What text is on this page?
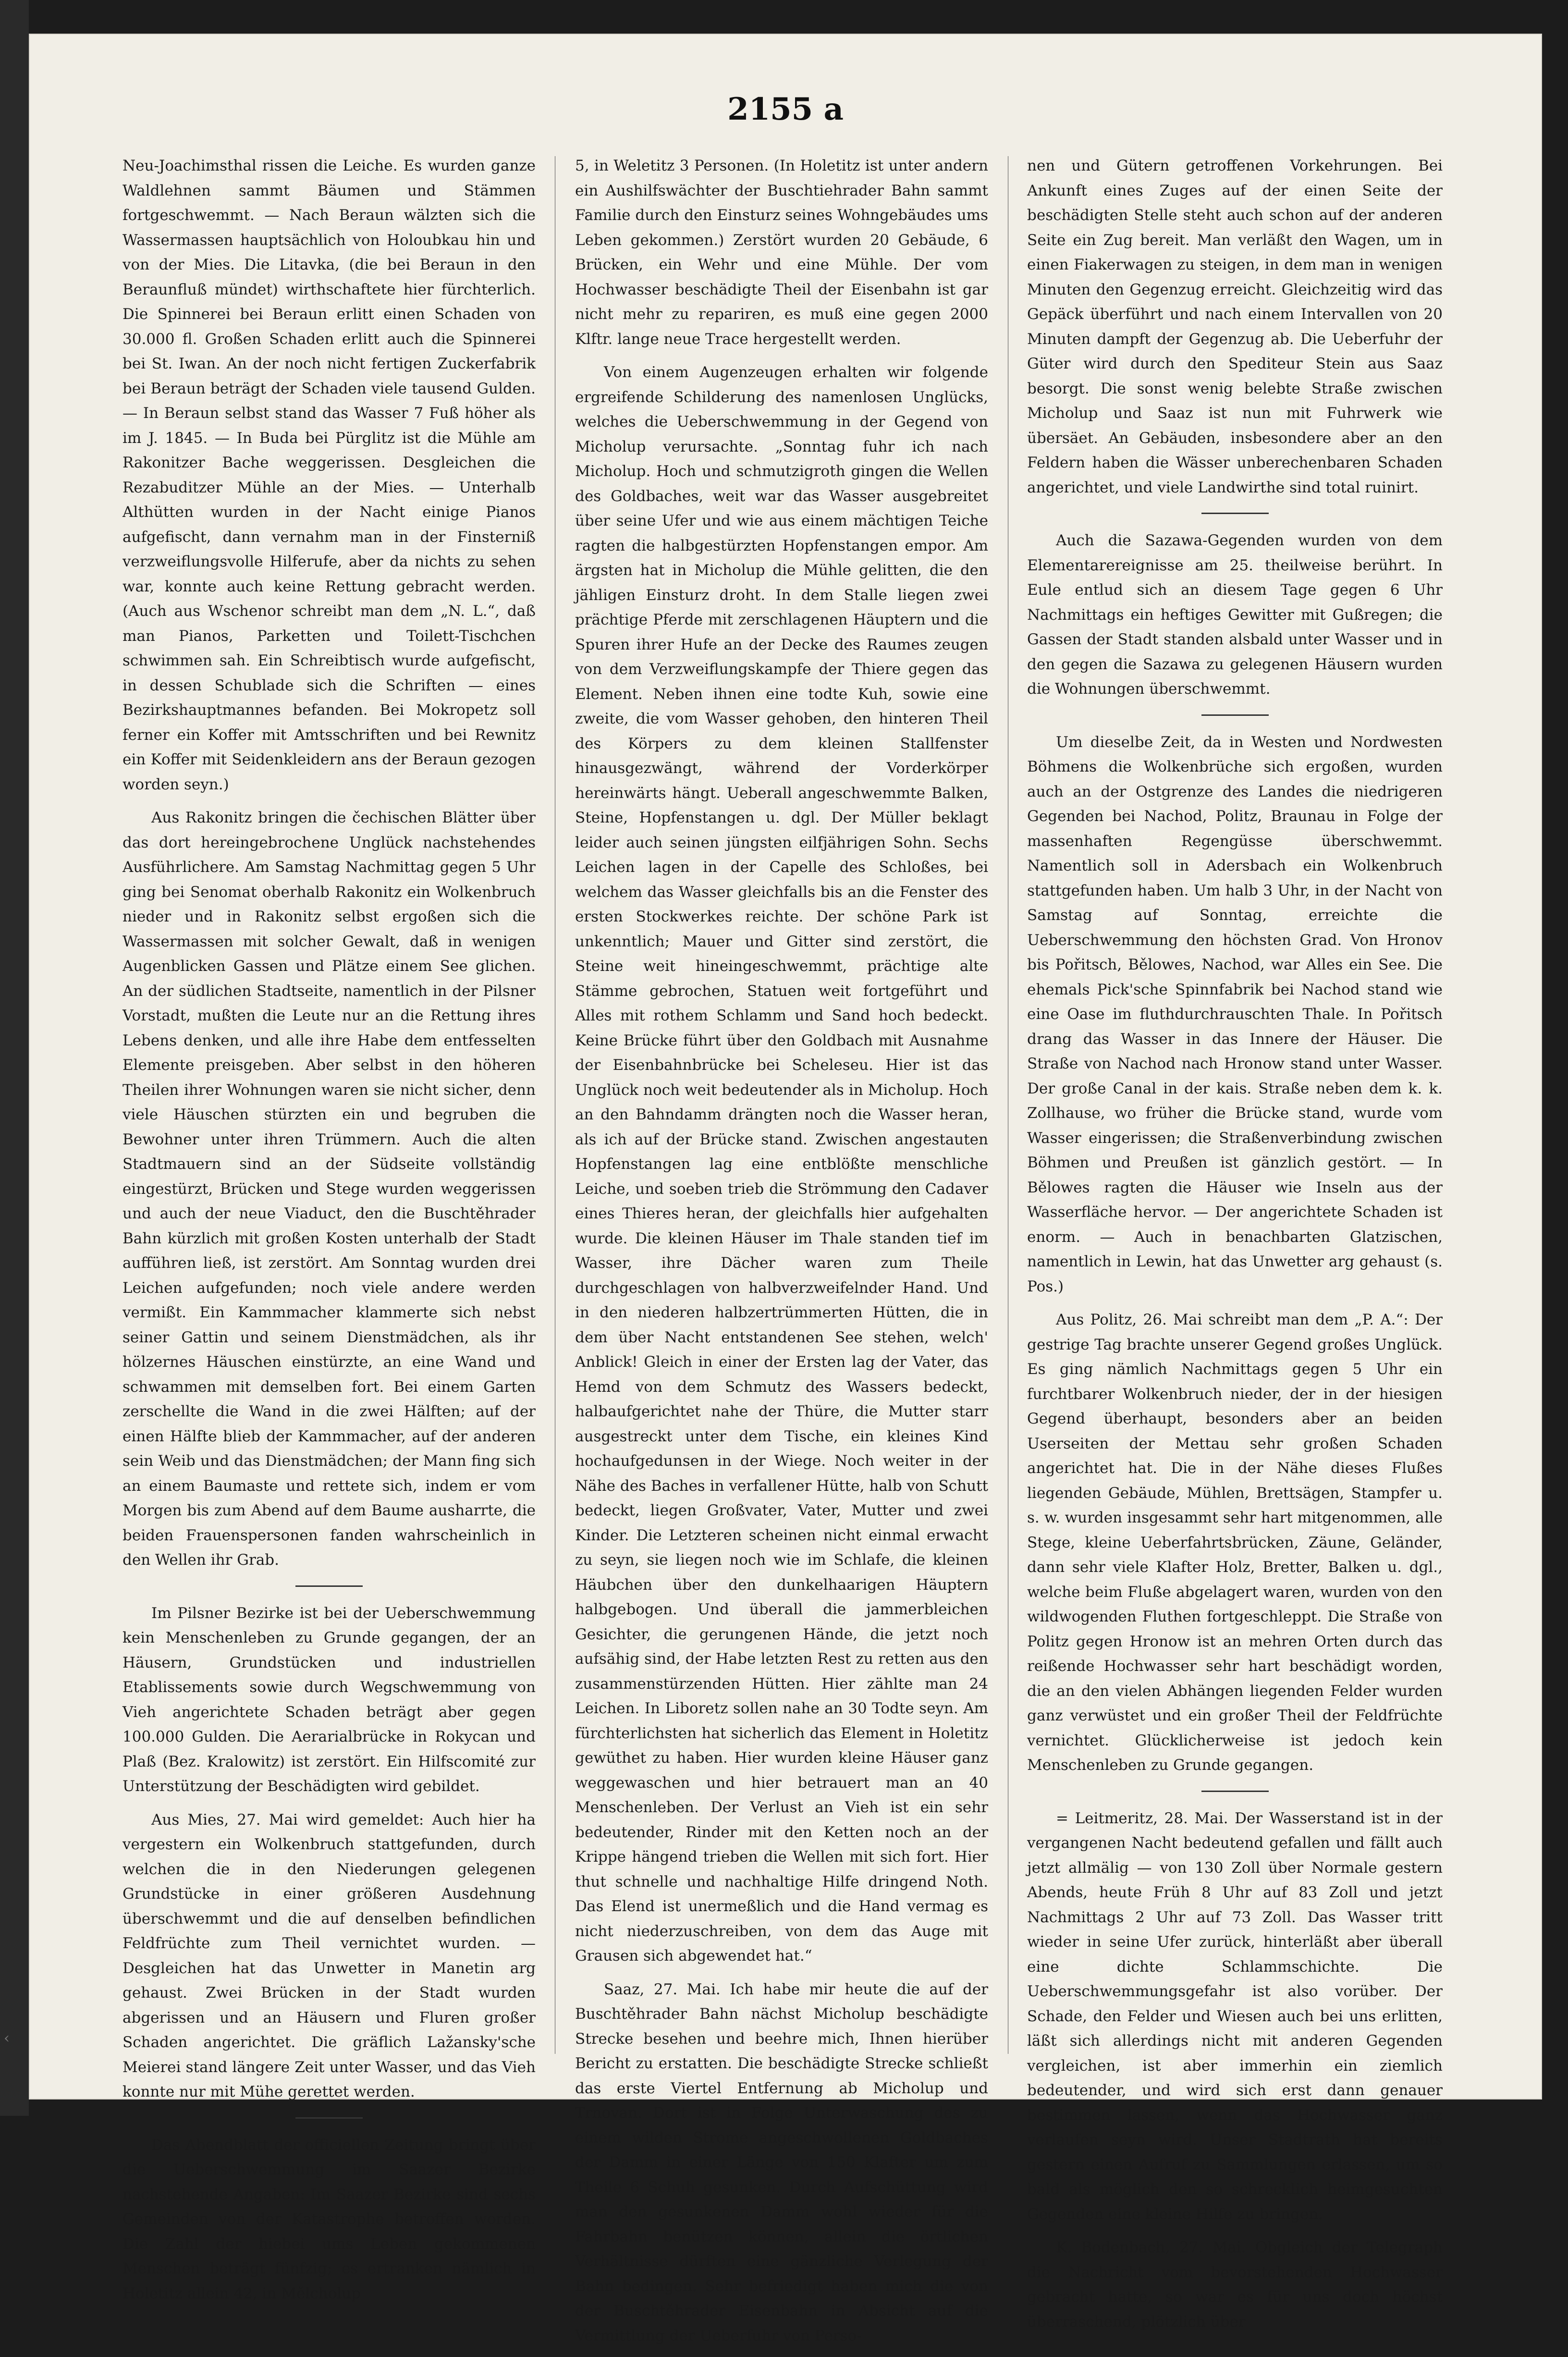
‹
2155 a

Neu-Joachimsthal rissen die Leiche. Es wurden ganze Waldlehnen sammt Bäumen und Stämmen fortgeschwemmt. — Nach Beraun wälzten sich die Wassermassen hauptsächlich von Holoubkau hin und von der Mies. Die Litavka, (die bei Beraun in den Beraunfluß mündet) wirthschaftete hier fürchterlich. Die Spinnerei bei Beraun erlitt einen Schaden von 30.000 fl. Großen Schaden erlitt auch die Spinnerei bei St. Iwan. An der noch nicht fertigen Zuckerfabrik bei Beraun beträgt der Schaden viele tausend Gulden. — In Beraun selbst stand das Wasser 7 Fuß höher als im J. 1845. — In Buda bei Pürglitz ist die Mühle am Rakonitzer Bache weggerissen. Desgleichen die Rezabuditzer Mühle an der Mies. — Unterhalb Althütten wurden in der Nacht einige Pianos aufgefischt, dann vernahm man in der Finsterniß verzweiflungsvolle Hilferufe, aber da nichts zu sehen war, konnte auch keine Rettung gebracht werden. (Auch aus Wschenor schreibt man dem „N. L.“, daß man Pianos, Parketten und Toilett-Tischchen schwimmen sah. Ein Schreibtisch wurde aufgefischt, in dessen Schublade sich die Schriften — eines Bezirkshauptmannes befanden. Bei Mokropetz soll ferner ein Koffer mit Amtsschriften und bei Rewnitz ein Koffer mit Seidenkleidern ans der Beraun gezogen worden seyn.)

Aus Rakonitz bringen die čechischen Blätter über das dort hereingebrochene Unglück nachstehendes Ausführlichere. Am Samstag Nachmittag gegen 5 Uhr ging bei Senomat oberhalb Rakonitz ein Wolkenbruch nieder und in Rakonitz selbst ergoßen sich die Wassermassen mit solcher Gewalt, daß in wenigen Augenblicken Gassen und Plätze einem See glichen. An der südlichen Stadtseite, namentlich in der Pilsner Vorstadt, mußten die Leute nur an die Rettung ihres Lebens denken, und alle ihre Habe dem entfesselten Elemente preisgeben. Aber selbst in den höheren Theilen ihrer Wohnungen waren sie nicht sicher, denn viele Häuschen stürzten ein und begruben die Bewohner unter ihren Trümmern. Auch die alten Stadtmauern sind an der Südseite vollständig eingestürzt, Brücken und Stege wurden weggerissen und auch der neue Viaduct, den die Buschtěhrader Bahn kürzlich mit großen Kosten unterhalb der Stadt aufführen ließ, ist zerstört. Am Sonntag wurden drei Leichen aufgefunden; noch viele andere werden vermißt. Ein Kammmacher klammerte sich nebst seiner Gattin und seinem Dienstmädchen, als ihr hölzernes Häuschen einstürzte, an eine Wand und schwammen mit demselben fort. Bei einem Garten zerschellte die Wand in die zwei Hälften; auf der einen Hälfte blieb der Kammmacher, auf der anderen sein Weib und das Dienstmädchen; der Mann fing sich an einem Baumaste und rettete sich, indem er vom Morgen bis zum Abend auf dem Baume ausharrte, die beiden Frauenspersonen fanden wahrscheinlich in den Wellen ihr Grab.

Im Pilsner Bezirke ist bei der Ueberschwemmung kein Menschenleben zu Grunde gegangen, der an Häusern, Grundstücken und industriellen Etablissements sowie durch Wegschwemmung von Vieh angerichtete Schaden beträgt aber gegen 100.000 Gulden. Die Aerarialbrücke in Rokycan und Plaß (Bez. Kralowitz) ist zerstört. Ein Hilfscomité zur Unterstützung der Beschädigten wird gebildet.

Aus Mies, 27. Mai wird gemeldet: Auch hier ha vergestern ein Wolkenbruch stattgefunden, durch welchen die in den Niederungen gelegenen Grundstücke in einer größeren Ausdehnung überschwemmt und die auf denselben befindlichen Feldfrüchte zum Theil vernichtet wurden. — Desgleichen hat das Unwetter in Manetin arg gehaust. Zwei Brücken in der Stadt wurden abgerissen und an Häusern und Fluren großer Schaden angerichtet. Die gräflich Lažansky'sche Meierei stand längere Zeit unter Wasser, und das Vieh konnte nur mit Mühe gerettet werden.

Das Abendblatt der officiellen Zeitung bringt über die Ueberschwemmung im Saazer Bezirke nachstehende Angaben: Im Saazer Bezirke sind sechs Gemeinden von der Katastrophe betroffen worden. Die Zahl der hiebei ums Leben gekommenen Menschen beträgt fünfzig; es ertranken nämlich in Holetitz allein 42, in Mělcholup

5, in Weletitz 3 Personen. (In Holetitz ist unter andern ein Aushilfswächter der Buschtiehrader Bahn sammt Familie durch den Einsturz seines Wohngebäudes ums Leben gekommen.) Zerstört wurden 20 Gebäude, 6 Brücken, ein Wehr und eine Mühle. Der vom Hochwasser beschädigte Theil der Eisenbahn ist gar nicht mehr zu repariren, es muß eine gegen 2000 Klftr. lange neue Trace hergestellt werden.

Von einem Augenzeugen erhalten wir folgende ergreifende Schilderung des namenlosen Unglücks, welches die Ueberschwemmung in der Gegend von Micholup verursachte. „Sonntag fuhr ich nach Micholup. Hoch und schmutzigroth gingen die Wellen des Goldbaches, weit war das Wasser ausgebreitet über seine Ufer und wie aus einem mächtigen Teiche ragten die halbgestürzten Hopfenstangen empor. Am ärgsten hat in Micholup die Mühle gelitten, die den jähligen Einsturz droht. In dem Stalle liegen zwei prächtige Pferde mit zerschlagenen Häuptern und die Spuren ihrer Hufe an der Decke des Raumes zeugen von dem Verzweiflungskampfe der Thiere gegen das Element. Neben ihnen eine todte Kuh, sowie eine zweite, die vom Wasser gehoben, den hinteren Theil des Körpers zu dem kleinen Stallfenster hinausgezwängt, während der Vorderkörper hereinwärts hängt. Ueberall angeschwemmte Balken, Steine, Hopfenstangen u. dgl. Der Müller beklagt leider auch seinen jüngsten eilfjährigen Sohn. Sechs Leichen lagen in der Capelle des Schloßes, bei welchem das Wasser gleichfalls bis an die Fenster des ersten Stockwerkes reichte. Der schöne Park ist unkenntlich; Mauer und Gitter sind zerstört, die Steine weit hineingeschwemmt, prächtige alte Stämme gebrochen, Statuen weit fortgeführt und Alles mit rothem Schlamm und Sand hoch bedeckt. Keine Brücke führt über den Goldbach mit Ausnahme der Eisenbahnbrücke bei Scheleseu. Hier ist das Unglück noch weit bedeutender als in Micholup. Hoch an den Bahndamm drängten noch die Wasser heran, als ich auf der Brücke stand. Zwischen angestauten Hopfenstangen lag eine entblößte menschliche Leiche, und soeben trieb die Strömmung den Cadaver eines Thieres heran, der gleichfalls hier aufgehalten wurde. Die kleinen Häuser im Thale standen tief im Wasser, ihre Dächer waren zum Theile durchgeschlagen von halbverzweifelnder Hand. Und in den niederen halbzertrümmerten Hütten, die in dem über Nacht entstandenen See stehen, welch' Anblick! Gleich in einer der Ersten lag der Vater, das Hemd von dem Schmutz des Wassers bedeckt, halbaufgerichtet nahe der Thüre, die Mutter starr ausgestreckt unter dem Tische, ein kleines Kind hochaufgedunsen in der Wiege. Noch weiter in der Nähe des Baches in verfallener Hütte, halb von Schutt bedeckt, liegen Großvater, Vater, Mutter und zwei Kinder. Die Letzteren scheinen nicht einmal erwacht zu seyn, sie liegen noch wie im Schlafe, die kleinen Häubchen über den dunkelhaarigen Häuptern halbgebogen. Und überall die jammerbleichen Gesichter, die gerungenen Hände, die jetzt noch aufsähig sind, der Habe letzten Rest zu retten aus den zusammenstürzenden Hütten. Hier zählte man 24 Leichen. In Liboretz sollen nahe an 30 Todte seyn. Am fürchterlichsten hat sicherlich das Element in Holetitz gewüthet zu haben. Hier wurden kleine Häuser ganz weggewaschen und hier betrauert man an 40 Menschenleben. Der Verlust an Vieh ist ein sehr bedeutender, Rinder mit den Ketten noch an der Krippe hängend trieben die Wellen mit sich fort. Hier thut schnelle und nachhaltige Hilfe dringend Noth. Das Elend ist unermeßlich und die Hand vermag es nicht niederzuschreiben, von dem das Auge mit Grausen sich abgewendet hat.“

Saaz, 27. Mai. Ich habe mir heute die auf der Buschtěhrader Bahn nächst Micholup beschädigte Strecke besehen und beehre mich, Ihnen hierüber Bericht zu erstatten. Die beschädigte Strecke schließt das erste Viertel Entfernung ab Micholup und Trnovan. Dort ist in Folge Unterwaschung des zu einem wilden Strome angeschwollenen Goldbaches der Damm in einer Länge von 150 Klafter um zum Theile 6 Schuh gesunken. Durch Aufschüttung wird man den gesunkenen Damm wohl wieder für die Fahrbahn benützen können, allein die örtlichen Verhältnisse dürften eine gänzliche Verlegung der Bahn bedingen. Sehr befriedigt haben mich die von der Buschtěhrader Eisenbahn in Absicht auf die Vermittlung der Ueberfuhr von Perso-

nen und Gütern getroffenen Vorkehrungen. Bei Ankunft eines Zuges auf der einen Seite der beschädigten Stelle steht auch schon auf der anderen Seite ein Zug bereit. Man verläßt den Wagen, um in einen Fiakerwagen zu steigen, in dem man in wenigen Minuten den Gegenzug erreicht. Gleichzeitig wird das Gepäck überführt und nach einem Intervallen von 20 Minuten dampft der Gegenzug ab. Die Ueberfuhr der Güter wird durch den Spediteur Stein aus Saaz besorgt. Die sonst wenig belebte Straße zwischen Micholup und Saaz ist nun mit Fuhrwerk wie übersäet. An Gebäuden, insbesondere aber an den Feldern haben die Wässer unberechenbaren Schaden angerichtet, und viele Landwirthe sind total ruinirt.

Auch die Sazawa-Gegenden wurden von dem Elementarereignisse am 25. theilweise berührt. In Eule entlud sich an diesem Tage gegen 6 Uhr Nachmittags ein heftiges Gewitter mit Gußregen; die Gassen der Stadt standen alsbald unter Wasser und in den gegen die Sazawa zu gelegenen Häusern wurden die Wohnungen überschwemmt.

Um dieselbe Zeit, da in Westen und Nordwesten Böhmens die Wolkenbrüche sich ergoßen, wurden auch an der Ostgrenze des Landes die niedrigeren Gegenden bei Nachod, Politz, Braunau in Folge der massenhaften Regengüsse überschwemmt. Namentlich soll in Adersbach ein Wolkenbruch stattgefunden haben. Um halb 3 Uhr, in der Nacht von Samstag auf Sonntag, erreichte die Ueberschwemmung den höchsten Grad. Von Hronov bis Pořitsch, Bělowes, Nachod, war Alles ein See. Die ehemals Pick'sche Spinnfabrik bei Nachod stand wie eine Oase im fluthdurchrauschten Thale. In Pořitsch drang das Wasser in das Innere der Häuser. Die Straße von Nachod nach Hronow stand unter Wasser. Der große Canal in der kais. Straße neben dem k. k. Zollhause, wo früher die Brücke stand, wurde vom Wasser eingerissen; die Straßenverbindung zwischen Böhmen und Preußen ist gänzlich gestört. — In Bělowes ragten die Häuser wie Inseln aus der Wasserfläche hervor. — Der angerichtete Schaden ist enorm. — Auch in benachbarten Glatzischen, namentlich in Lewin, hat das Unwetter arg gehaust (s. Pos.)

Aus Politz, 26. Mai schreibt man dem „P. A.“: Der gestrige Tag brachte unserer Gegend großes Unglück. Es ging nämlich Nachmittags gegen 5 Uhr ein furchtbarer Wolkenbruch nieder, der in der hiesigen Gegend überhaupt, besonders aber an beiden Userseiten der Mettau sehr großen Schaden angerichtet hat. Die in der Nähe dieses Flußes liegenden Gebäude, Mühlen, Brettsägen, Stampfer u. s. w. wurden insgesammt sehr hart mitgenommen, alle Stege, kleine Ueberfahrtsbrücken, Zäune, Geländer, dann sehr viele Klafter Holz, Bretter, Balken u. dgl., welche beim Fluße abgelagert waren, wurden von den wildwogenden Fluthen fortgeschleppt. Die Straße von Politz gegen Hronow ist an mehren Orten durch das reißende Hochwasser sehr hart beschädigt worden, die an den vielen Abhängen liegenden Felder wurden ganz verwüstet und ein großer Theil der Feldfrüchte vernichtet. Glücklicherweise ist jedoch kein Menschenleben zu Grunde gegangen.

= Leitmeritz, 28. Mai. Der Wasserstand ist in der vergangenen Nacht bedeutend gefallen und fällt auch jetzt allmälig — von 130 Zoll über Normale gestern Abends, heute Früh 8 Uhr auf 83 Zoll und jetzt Nachmittags 2 Uhr auf 73 Zoll. Das Wasser tritt wieder in seine Ufer zurück, hinterläßt aber überall eine dichte Schlammschichte. Die Ueberschwemmungsgefahr ist also vorüber. Der Schade, den Felder und Wiesen auch bei uns erlitten, läßt sich allerdings nicht mit anderen Gegenden vergleichen, ist aber immerhin ein ziemlich bedeutender, und wird sich erst dann genauer bestimmen lassen, wenn das Hochwasser ganz verlaufen seyn wird. Unser Stadtrath hat bereits gestern einen Aufruf zu Sammlungen erlassen, um so bald als möglich den so schrecklich heimgesuchten Gegenden eine kleine Hilfe zu bringen.

K. Bodenbach, 27. Mai. Obgleich der Telegraph die Nachricht vom bevorstehenden Hochwasser gebracht hatte, so war es für uns doch höchst überraschend, plötzlich über
